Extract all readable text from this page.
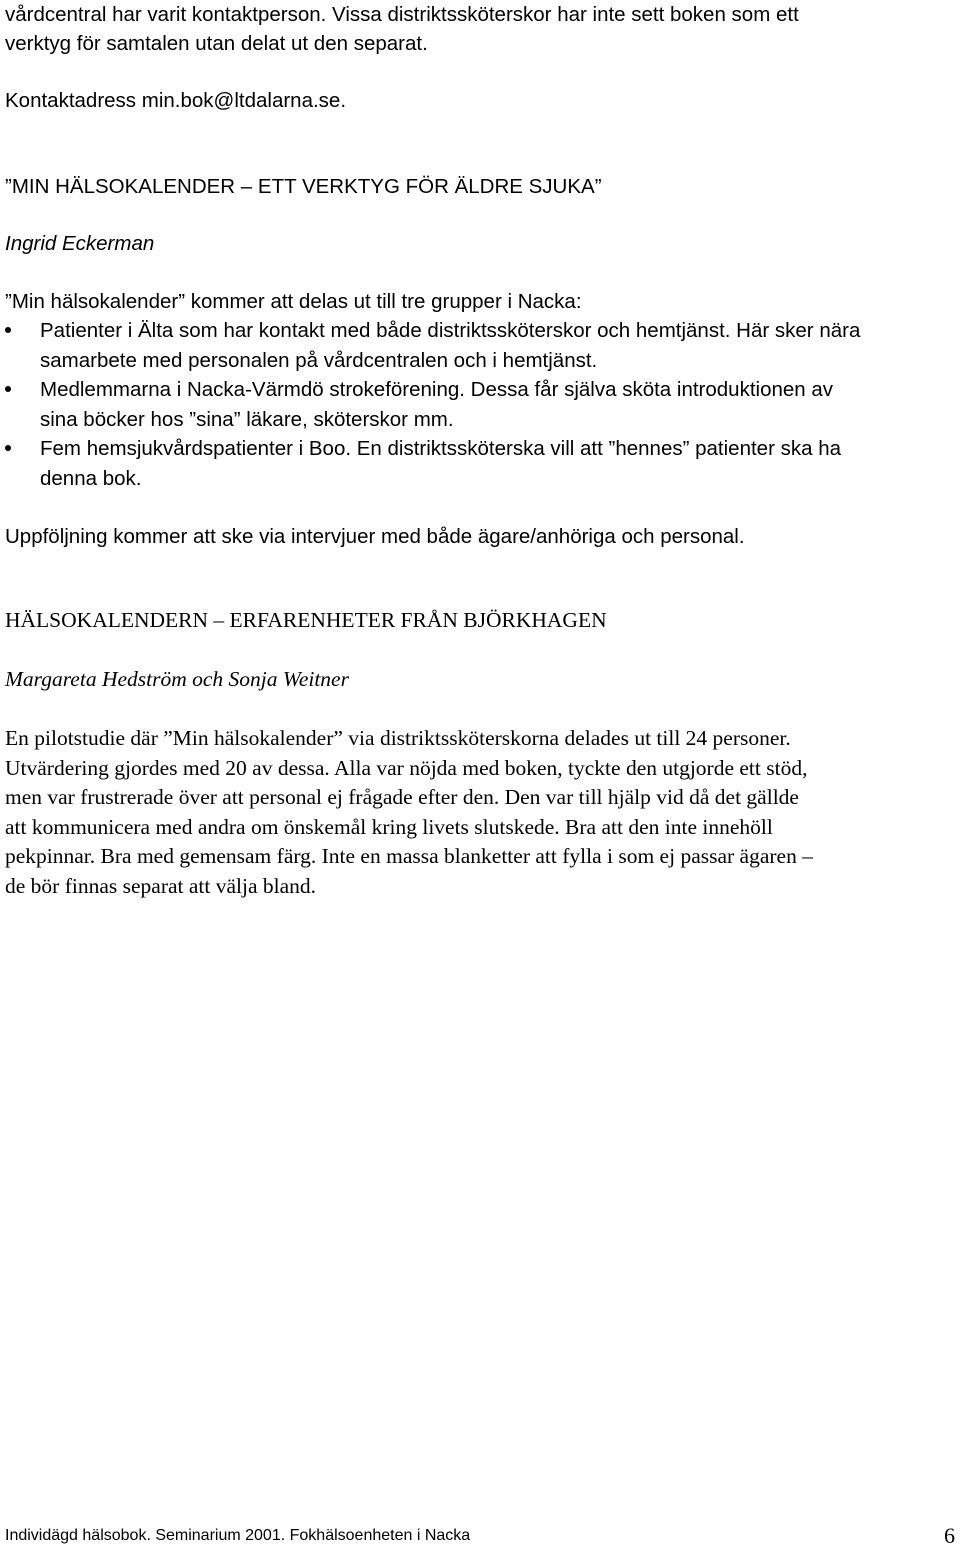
vårdcentral har varit kontaktperson. Vissa distriktssköterskor har inte sett boken som ett

verktyg för samtalen utan delat ut den separat.

Kontaktadress min.bok@ltdalarna.se.

”MIN HÄLSOKALENDER – ETT VERKTYG FÖR ÄLDRE SJUKA”

Ingrid Eckerman

”Min hälsokalender” kommer att delas ut till tre grupper i Nacka:

Patienter i Älta som har kontakt med både distriktssköterskor och hemtjänst. Här sker nära
samarbete med personalen på vårdcentralen och i hemtjänst.
Medlemmarna i Nacka-Värmdö strokeförening. Dessa får själva sköta introduktionen av
sina böcker hos ”sina” läkare, sköterskor mm.
Fem hemsjukvårdspatienter i Boo. En distriktssköterska vill att ”hennes” patienter ska ha
denna bok.

Uppföljning kommer att ske via intervjuer med både ägare/anhöriga och personal.

HÄLSOKALENDERN – ERFARENHETER FRÅN BJÖRKHAGEN

Margareta Hedström och Sonja Weitner

En pilotstudie där ”Min hälsokalender” via distriktssköterskorna delades ut till 24 personer.

Utvärdering gjordes med 20 av dessa. Alla var nöjda med boken, tyckte den utgjorde ett stöd,

men var frustrerade över att personal ej frågade efter den. Den var till hjälp vid då det gällde

att kommunicera med andra om önskemål kring livets slutskede. Bra att den inte innehöll

pekpinnar. Bra med gemensam färg. Inte en massa blanketter att fylla i som ej passar ägaren –

de bör finnas separat att välja bland.

Individägd hälsobok. Seminarium 2001. Fokhälsoenheten i Nacka	6
